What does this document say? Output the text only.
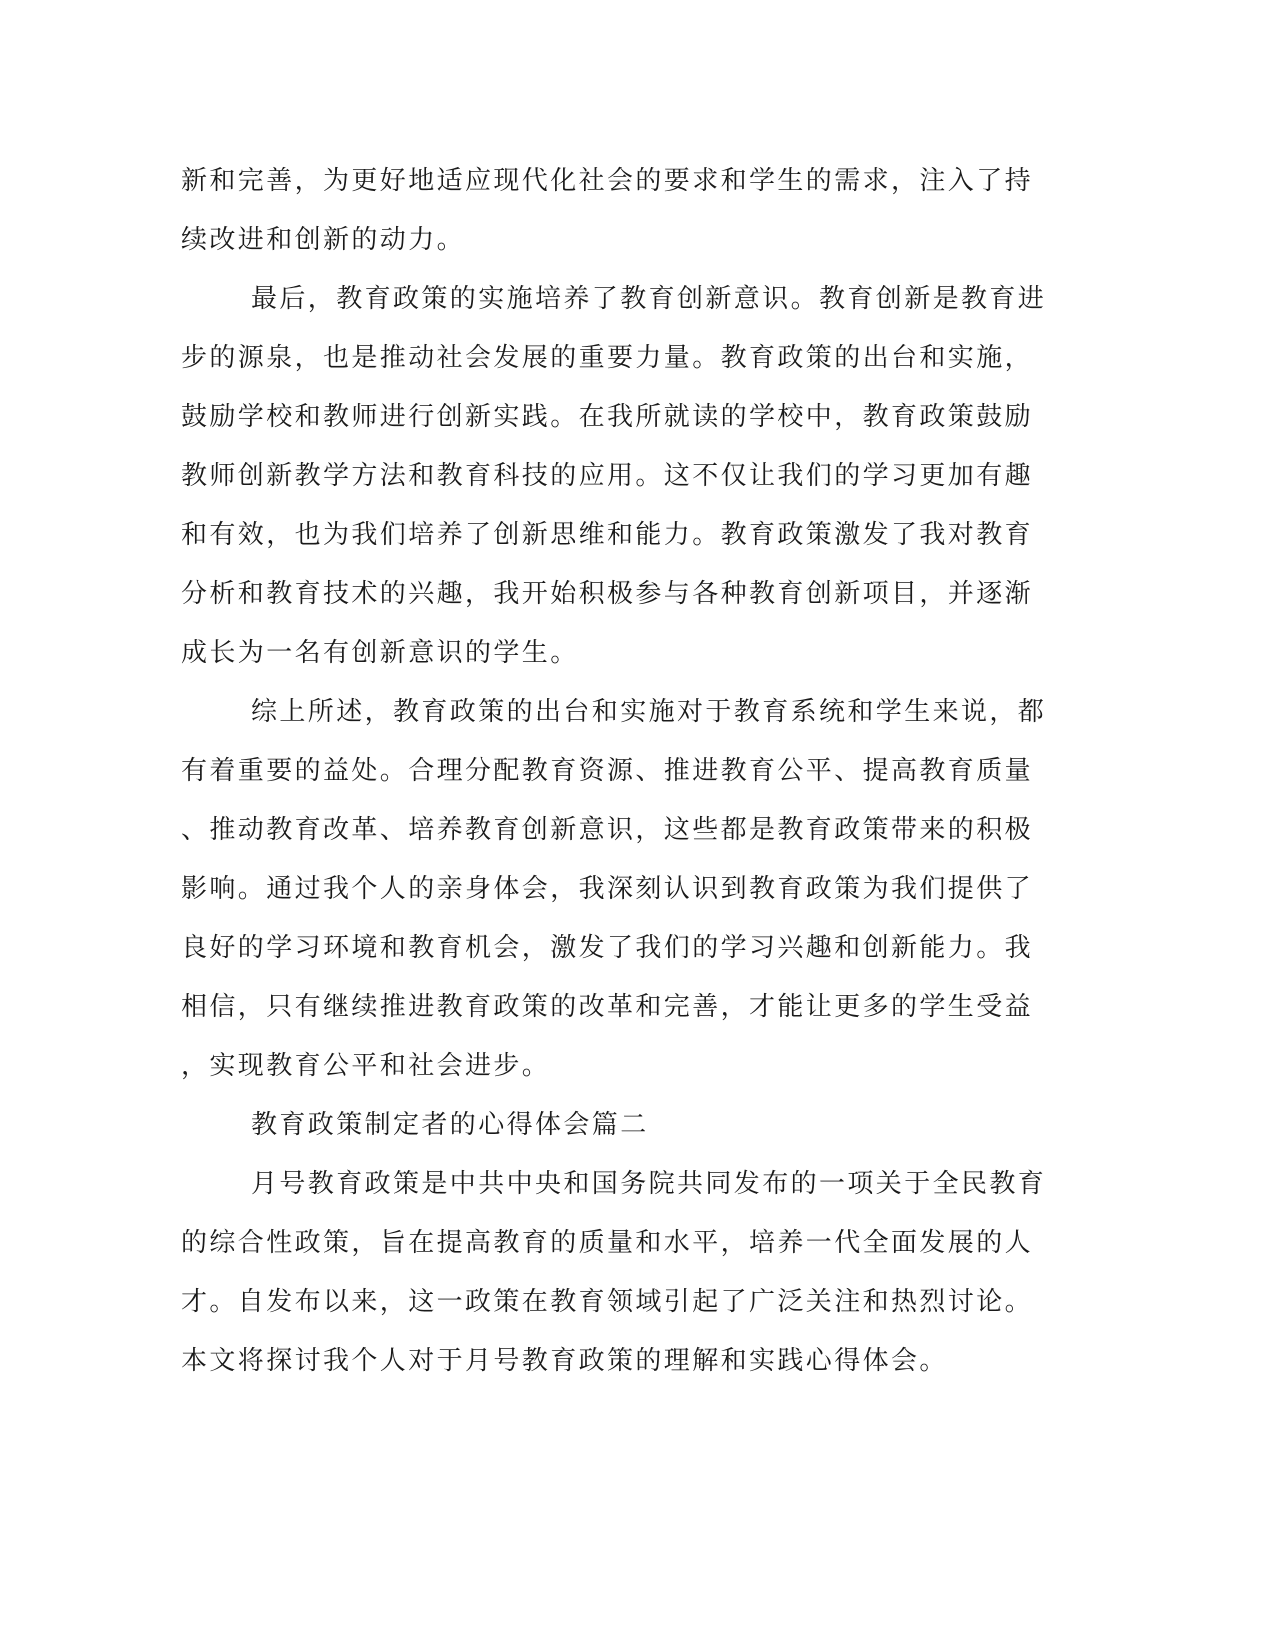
新和完善，为更好地适应现代化社会的要求和学生的需求，注入了持

续改进和创新的动力。

最后，教育政策的实施培养了教育创新意识。教育创新是教育进

步的源泉，也是推动社会发展的重要力量。教育政策的出台和实施，

鼓励学校和教师进行创新实践。在我所就读的学校中，教育政策鼓励

教师创新教学方法和教育科技的应用。这不仅让我们的学习更加有趣

和有效，也为我们培养了创新思维和能力。教育政策激发了我对教育

分析和教育技术的兴趣，我开始积极参与各种教育创新项目，并逐渐

成长为一名有创新意识的学生。

综上所述，教育政策的出台和实施对于教育系统和学生来说，都

有着重要的益处。合理分配教育资源、推进教育公平、提高教育质量

、推动教育改革、培养教育创新意识，这些都是教育政策带来的积极

影响。通过我个人的亲身体会，我深刻认识到教育政策为我们提供了

良好的学习环境和教育机会，激发了我们的学习兴趣和创新能力。我

相信，只有继续推进教育政策的改革和完善，才能让更多的学生受益

，实现教育公平和社会进步。

教育政策制定者的心得体会篇二

月号教育政策是中共中央和国务院共同发布的一项关于全民教育

的综合性政策，旨在提高教育的质量和水平，培养一代全面发展的人

才。自发布以来，这一政策在教育领域引起了广泛关注和热烈讨论。

本文将探讨我个人对于月号教育政策的理解和实践心得体会。
